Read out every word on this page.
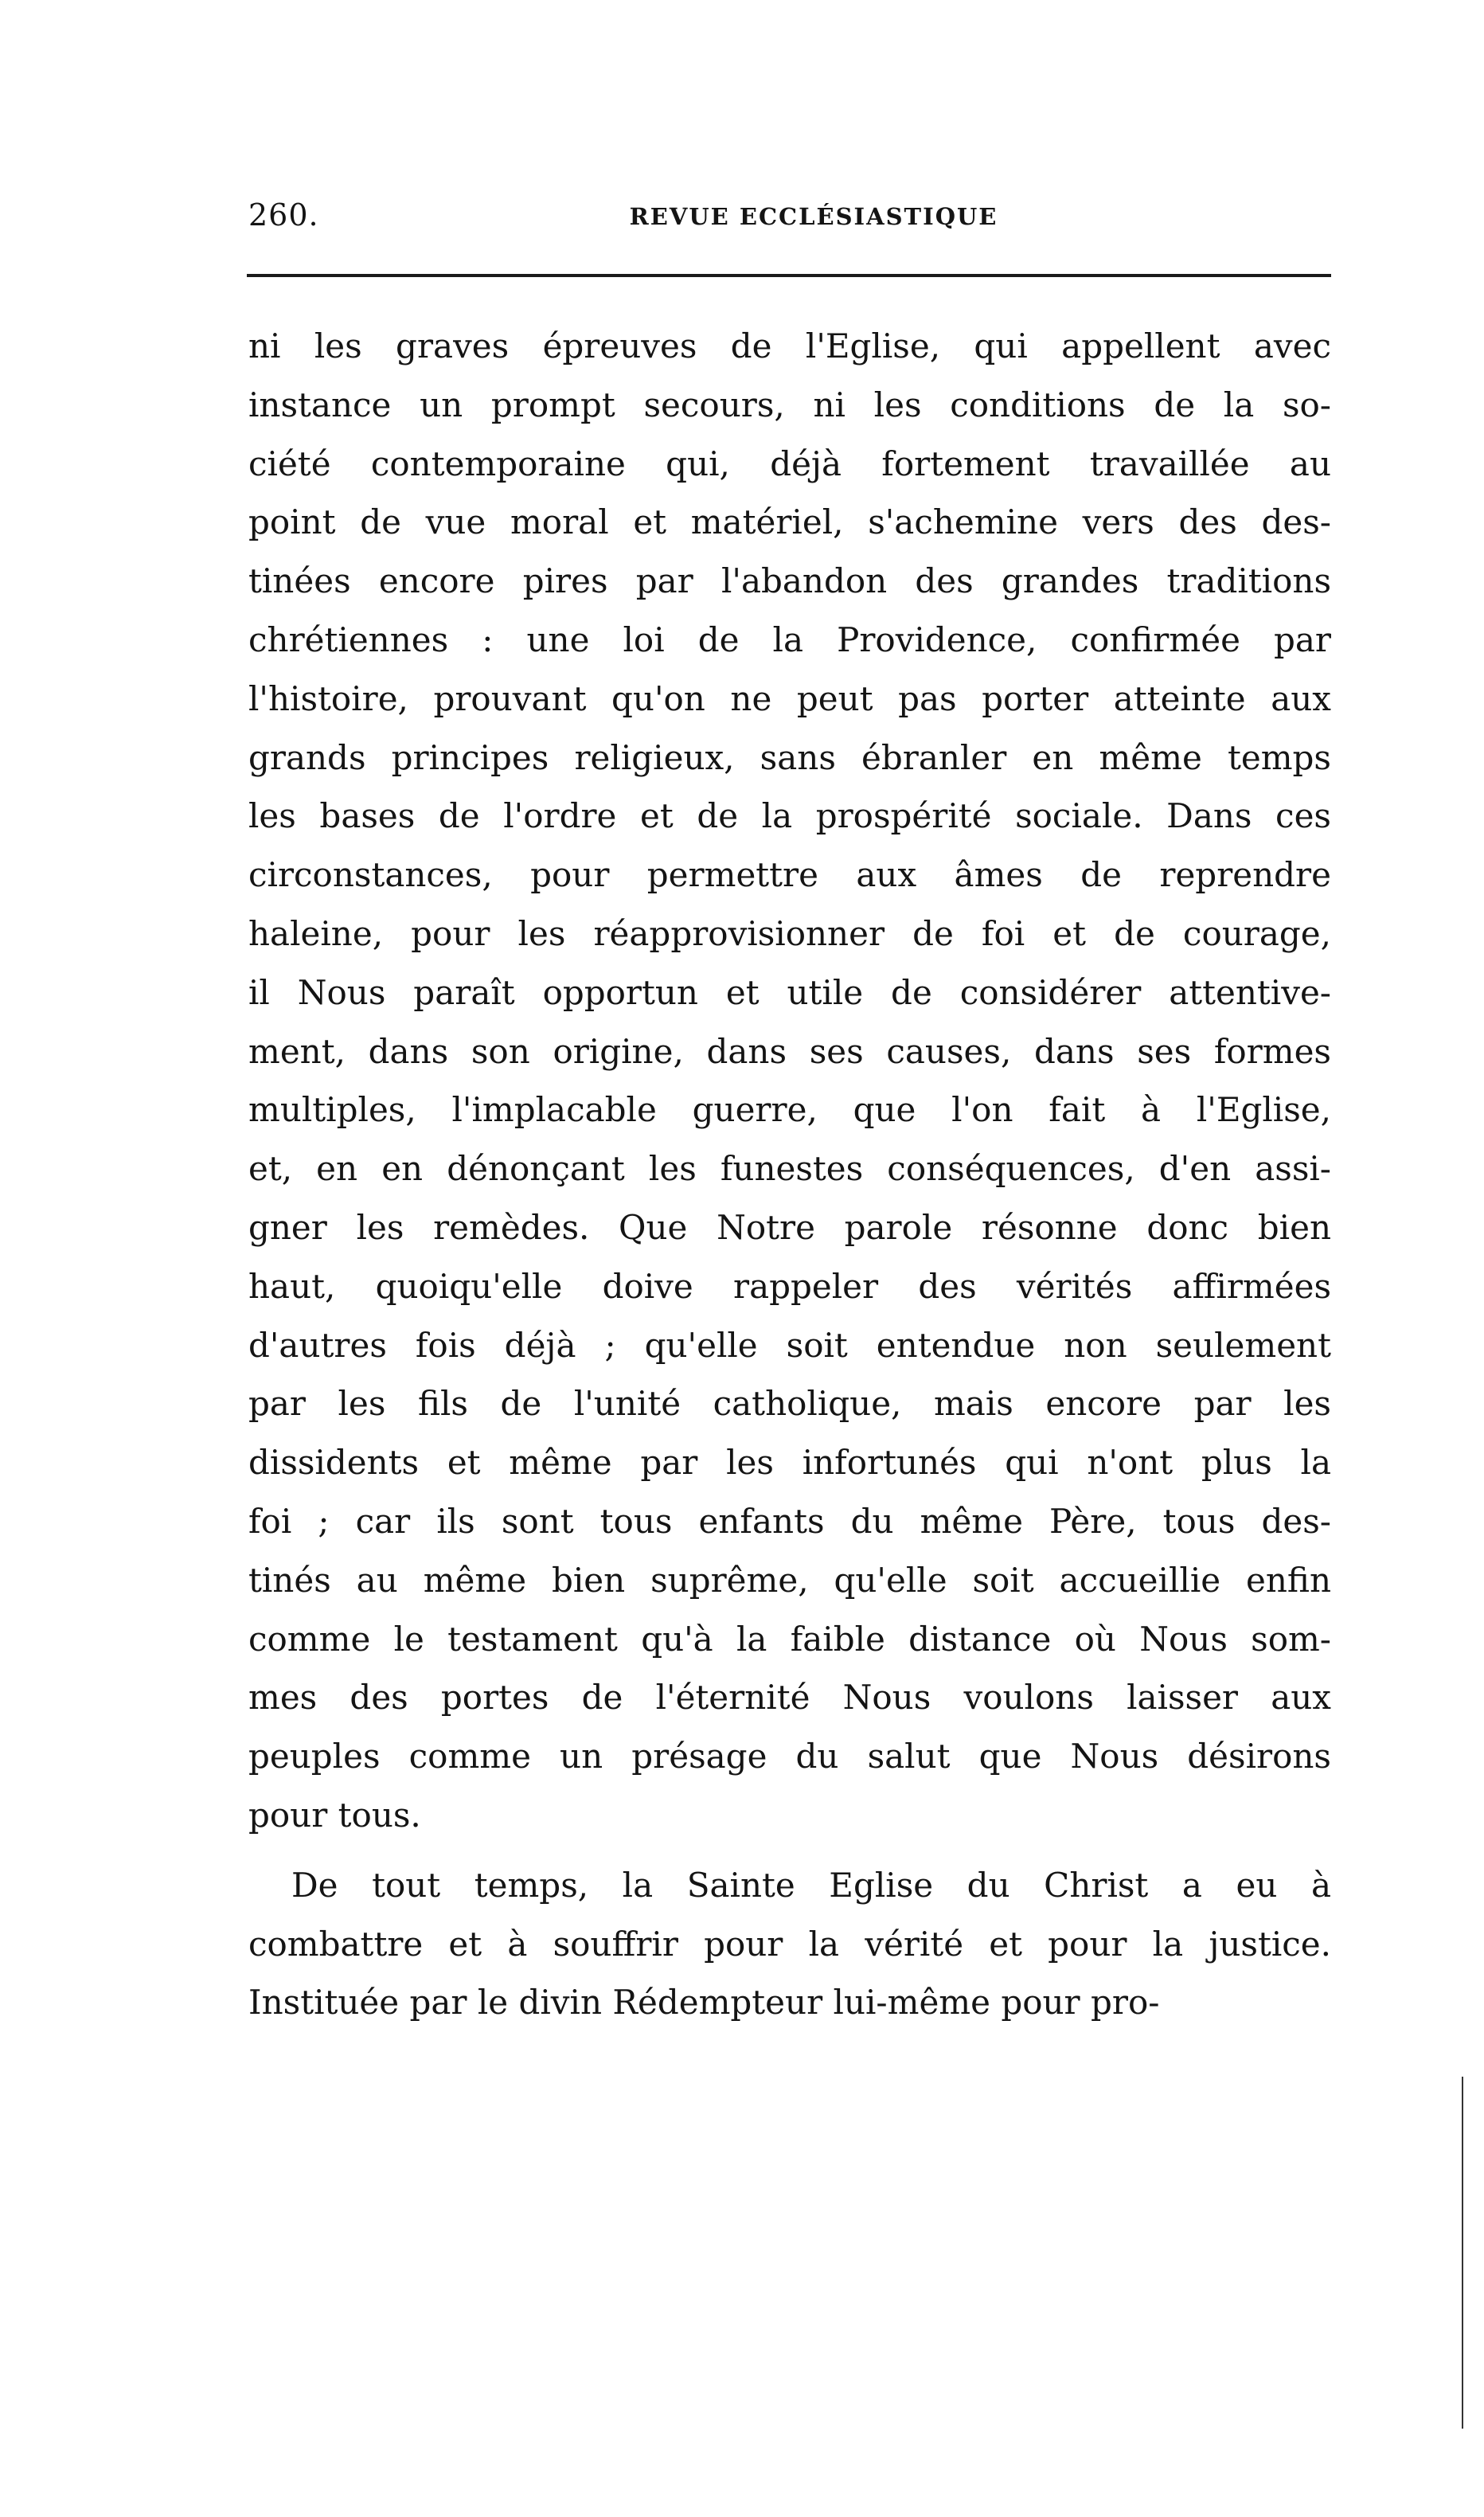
260.	REVUE ECCLÉSIASTIQUE
ni les graves épreuves de l'Eglise, qui appellent avec
instance un prompt secours, ni les conditions de la so-
ciété contemporaine qui, déjà fortement travaillée au
point de vue moral et matériel, s'achemine vers des des-
tinées encore pires par l'abandon des grandes traditions
chrétiennes : une loi de la Providence, confirmée par
l'histoire, prouvant qu'on ne peut pas porter atteinte aux
grands principes religieux, sans ébranler en même temps
les bases de l'ordre et de la prospérité sociale. Dans ces
circonstances, pour permettre aux âmes de reprendre
haleine, pour les réapprovisionner de foi et de courage,
il Nous paraît opportun et utile de considérer attentive-
ment, dans son origine, dans ses causes, dans ses formes
multiples, l'implacable guerre, que l'on fait à l'Eglise,
et, en en dénonçant les funestes conséquences, d'en assi-
gner les remèdes. Que Notre parole résonne donc bien
haut, quoiqu'elle doive rappeler des vérités affirmées
d'autres fois déjà ; qu'elle soit entendue non seulement
par les fils de l'unité catholique, mais encore par les
dissidents et même par les infortunés qui n'ont plus la
foi ; car ils sont tous enfants du même Père, tous des-
tinés au même bien suprême, qu'elle soit accueillie enfin
comme le testament qu'à la faible distance où Nous som-
mes des portes de l'éternité Nous voulons laisser aux
peuples comme un présage du salut que Nous désirons
pour tous.
De tout temps, la Sainte Eglise du Christ a eu à
combattre et à souffrir pour la vérité et pour la justice.
Instituée par le divin Rédempteur lui-même pour pro-
